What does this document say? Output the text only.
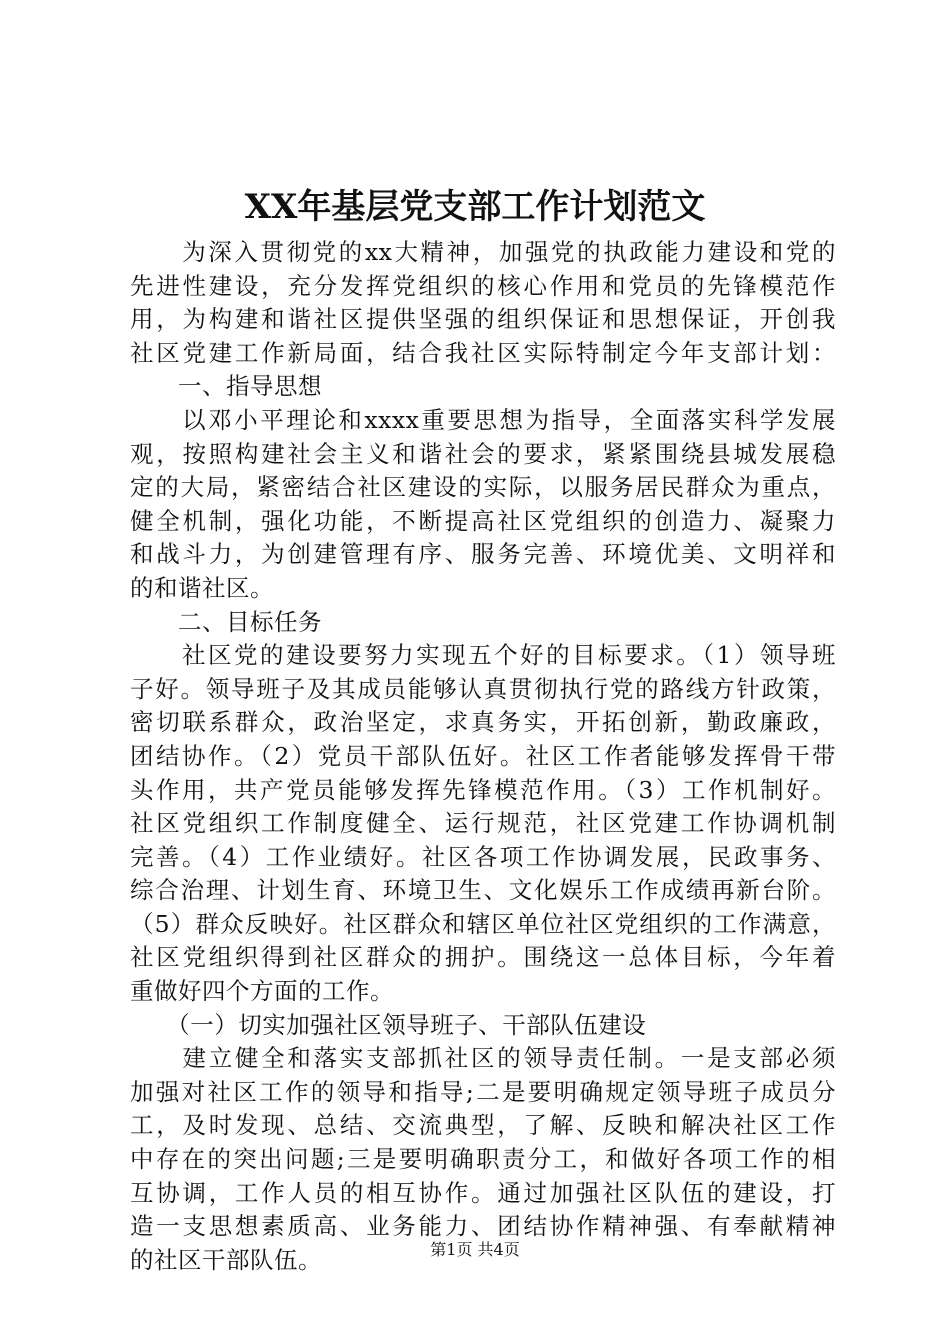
XX年基层党支部工作计划范文
　　为深入贯彻党的xx大精神，加强党的执政能力建设和党的
先进性建设，充分发挥党组织的核心作用和党员的先锋模范作
用，为构建和谐社区提供坚强的组织保证和思想保证，开创我
社区党建工作新局面，结合我社区实际特制定今年支部计划：
　　一、指导思想
　　以邓小平理论和xxxx重要思想为指导，全面落实科学发展
观，按照构建社会主义和谐社会的要求，紧紧围绕县城发展稳
定的大局，紧密结合社区建设的实际，以服务居民群众为重点，
健全机制，强化功能，不断提高社区党组织的创造力、凝聚力
和战斗力，为创建管理有序、服务完善、环境优美、文明祥和
的和谐社区。
　　二、目标任务
　　社区党的建设要努力实现五个好的目标要求。（1）领导班
子好。领导班子及其成员能够认真贯彻执行党的路线方针政策，
密切联系群众，政治坚定，求真务实，开拓创新，勤政廉政，
团结协作。（2）党员干部队伍好。社区工作者能够发挥骨干带
头作用，共产党员能够发挥先锋模范作用。（3）工作机制好。
社区党组织工作制度健全、运行规范，社区党建工作协调机制
完善。（4）工作业绩好。社区各项工作协调发展，民政事务、
综合治理、计划生育、环境卫生、文化娱乐工作成绩再新台阶。
（5）群众反映好。社区群众和辖区单位社区党组织的工作满意，
社区党组织得到社区群众的拥护。围绕这一总体目标，今年着
重做好四个方面的工作。
　　（一）切实加强社区领导班子、干部队伍建设
　　建立健全和落实支部抓社区的领导责任制。一是支部必须
加强对社区工作的领导和指导;二是要明确规定领导班子成员分
工，及时发现、总结、交流典型，了解、反映和解决社区工作
中存在的突出问题;三是要明确职责分工，和做好各项工作的相
互协调，工作人员的相互协作。通过加强社区队伍的建设，打
造一支思想素质高、业务能力、团结协作精神强、有奉献精神
的社区干部队伍。	第1页 共4页
